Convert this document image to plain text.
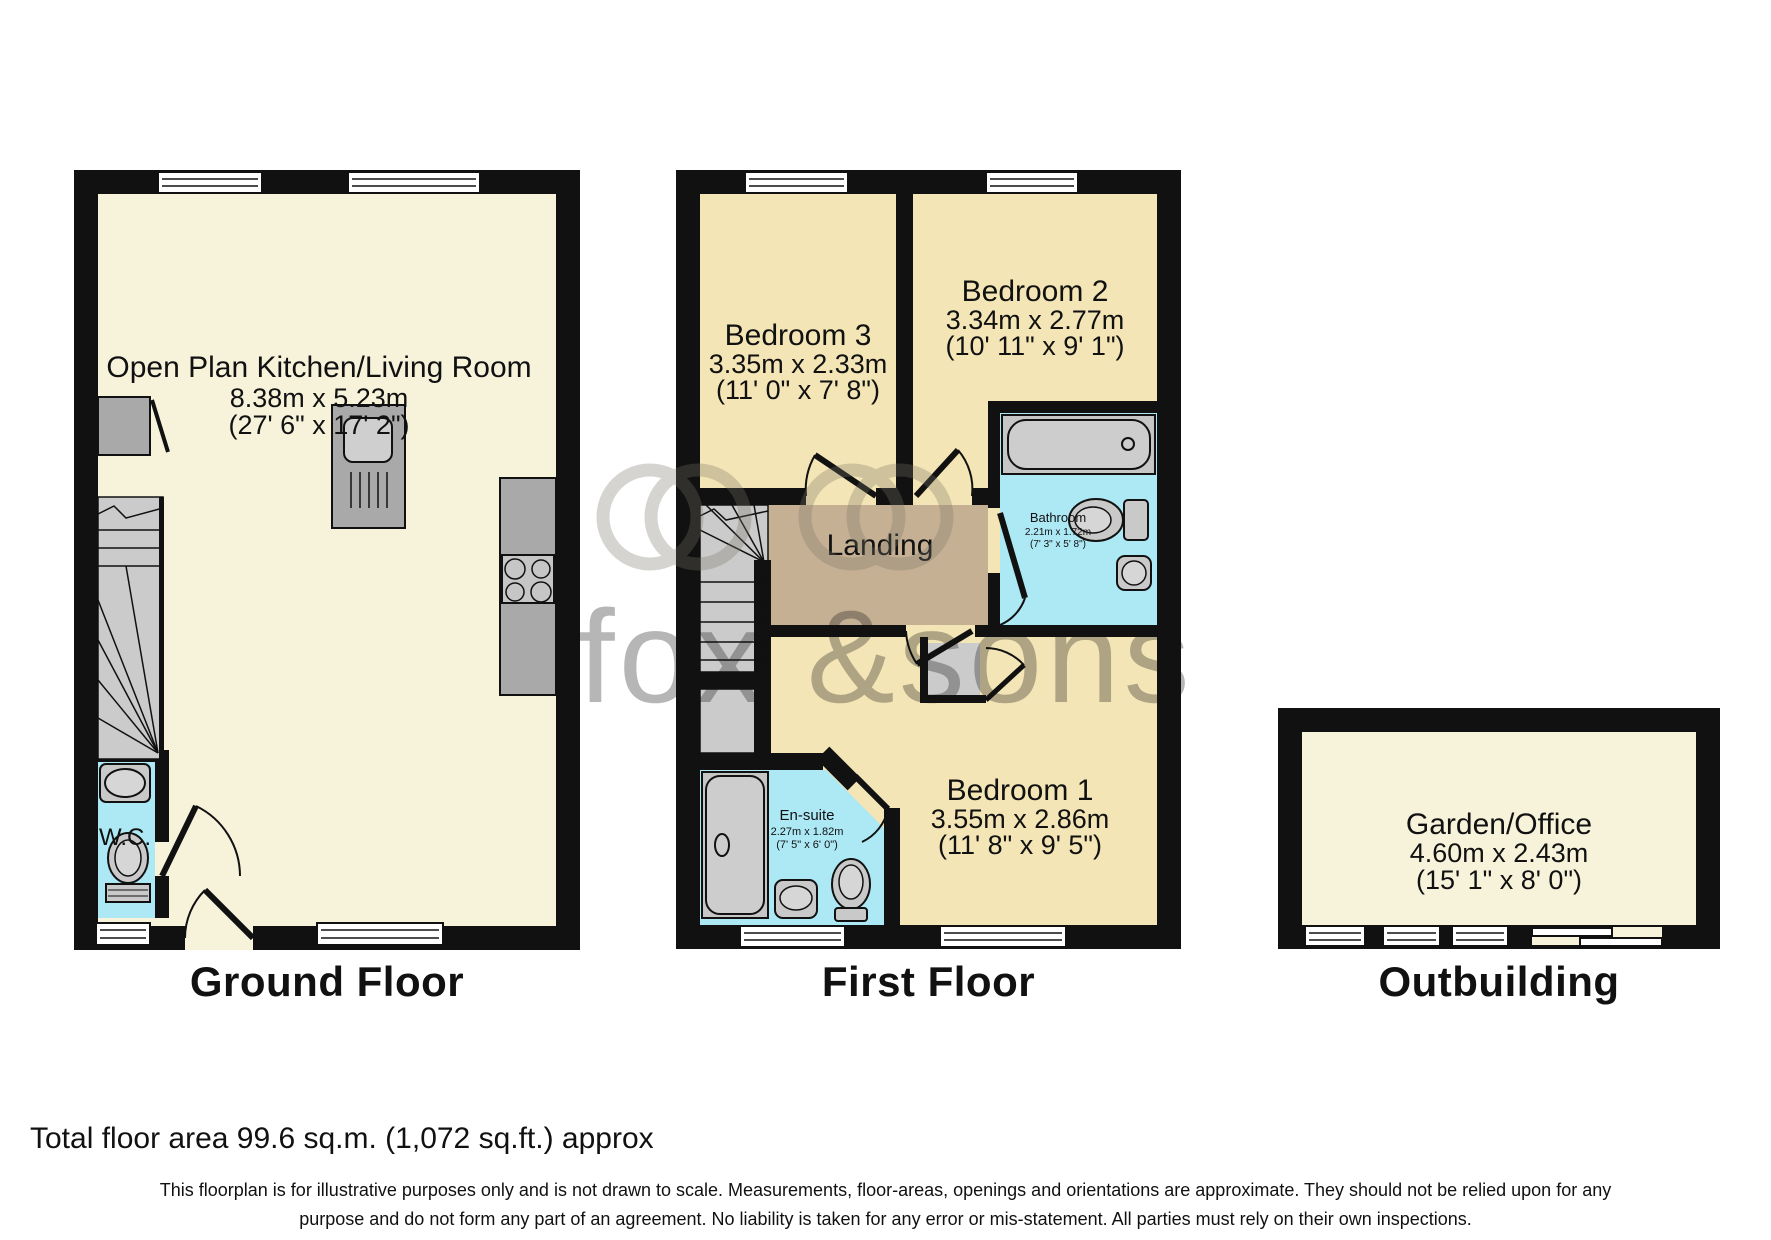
W.C.
Open Plan Kitchen/Living Room
8.38m x 5.23m
(27' 6" x 17' 2")
Bedroom 3
3.35m x 2.33m
(11' 0" x 7' 8")
Bedroom 2
3.34m x 2.77m
(10' 11" x 9' 1")
Landing
Bathroom
2.21m x 1.72m
(7' 3" x 5' 8")
En-suite
2.27m x 1.82m
(7' 5" x 6' 0")
Bedroom 1
3.55m x 2.86m
(11' 8" x 9' 5")
Garden/Office
4.60m x 2.43m
(15' 1" x 8' 0")
fox &sons
Ground Floor	First Floor	Outbuilding
Total floor area 99.6 sq.m. (1,072 sq.ft.) approx
This floorplan is for illustrative purposes only and is not drawn to scale. Measurements, floor-areas, openings and orientations are approximate. They should not be relied upon for any
purpose and do not form any part of an agreement. No liability is taken for any error or mis-statement. All parties must rely on their own inspections.
